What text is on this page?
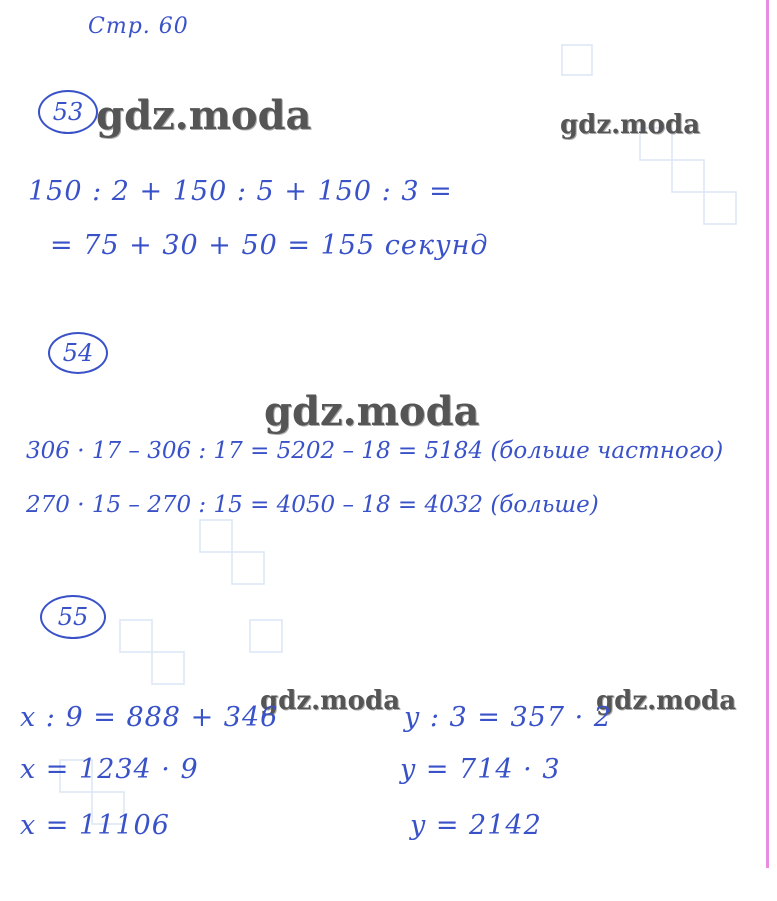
Стр. 60
53 gdz.moda	gdz.moda
150 : 2 + 150 : 5 + 150 : 3 =
= 75 + 30 + 50 = 155 секунд
54
gdz.moda
306 · 17 – 306 : 17 = 5202 – 18 = 5184 (больше частного)
270 · 15 – 270 : 15 = 4050 – 18 = 4032 (больше)
55
gdz.moda	gdz.moda
x : 9 = 888 + 346
x = 1234 · 9
x = 11106
y : 3 = 357 · 2
y = 714 · 3
y = 2142
